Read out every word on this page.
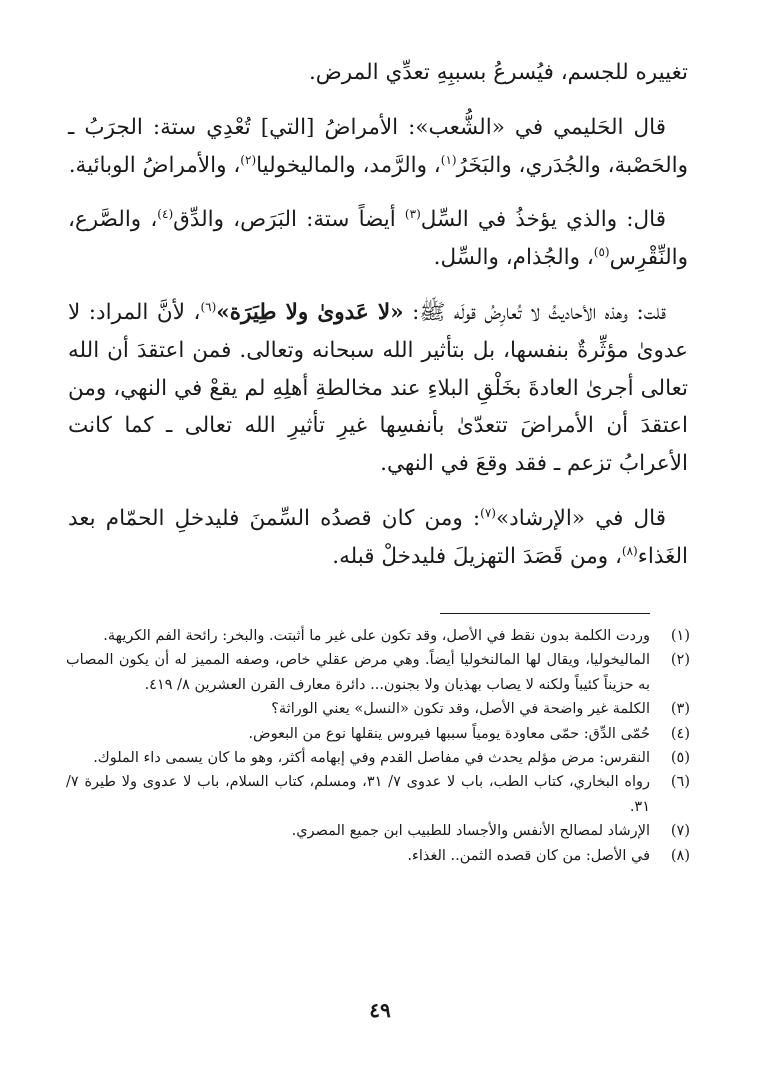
تغييره للجسم، فيُسرعُ بسببِهِ تعدِّي المرض.

قال الحَليمي في «الشُّعب»: الأمراضُ [التي] تُعْدِي ستة: الجرَبُ ـ والحَصْبة، والجُدَري، والبَخَرُ$^{(١)}$، والرَّمد، والماليخوليا$^{(٢)}$، والأمراضُ الوبائية.

قال: والذي يؤخذُ في السِّل$^{(٣)}$ أيضاً ستة: البَرَص، والدِّق$^{(٤)}$، والصَّرع، والنِّقْرِس$^{(٥)}$، والجُذام، والسِّل.

قلت: وهذه الأحاديثُ لا تُعارِضُ قولَه ﷺ: «لا عَدوىٰ ولا طِيَرَة»$^{(٦)}$، لأنَّ المراد: لا عدوىٰ مؤثِّرةٌ بنفسها، بل بتأثير الله سبحانه وتعالى. فمن اعتقدَ أن الله تعالى أجرىٰ العادةَ بخَلْقِ البلاءِ عند مخالطةِ أهلِهِ لم يقعْ في النهي، ومن اعتقدَ أن الأمراضَ تتعدّىٰ بأنفسِها غيرِ تأثيرِ الله تعالى ـ كما كانت الأعرابُ تزعم ـ فقد وقعَ في النهي.

قال في «الإرشاد»$^{(٧)}$: ومن كان قصدُه السِّمنَ فليدخلِ الحمّام بعد الغَذاء$^{(٨)}$، ومن قَصَدَ التهزيلَ فليدخلْ قبله.

(١)
وردت الكلمة بدون نقط في الأصل، وقد تكون على غير ما أثبتت. والبخر: رائحة الفم الكريهة.
(٢)
الماليخوليا، ويقال لها المالنخوليا أيضاً. وهي مرض عقلي خاص، وصفه المميز له أن يكون المصاب به حزيناً كئيباً ولكنه لا يصاب بهذيان ولا بجنون... دائرة معارف القرن العشرين ٨/ ٤١٩.
(٣)
الكلمة غير واضحة في الأصل، وقد تكون «النسل» يعني الوراثة؟
(٤)
حُمّى الدِّق: حمّى معاودة يومياً سببها فيروس ينقلها نوع من البعوض.
(٥)
النقرس: مرض مؤلم يحدث في مفاصل القدم وفي إبهامه أكثر، وهو ما كان يسمى داء الملوك.
(٦)
رواه البخاري، كتاب الطب، باب لا عدوى ٧/ ٣١، ومسلم، كتاب السلام، باب لا عدوى ولا طيرة ٧/ ٣١.
(٧)
الإرشاد لمصالح الأنفس والأجساد للطبيب ابن جميع المصري.
(٨)
في الأصل: من كان قصده الثمن.. الغذاء.
٤٩
